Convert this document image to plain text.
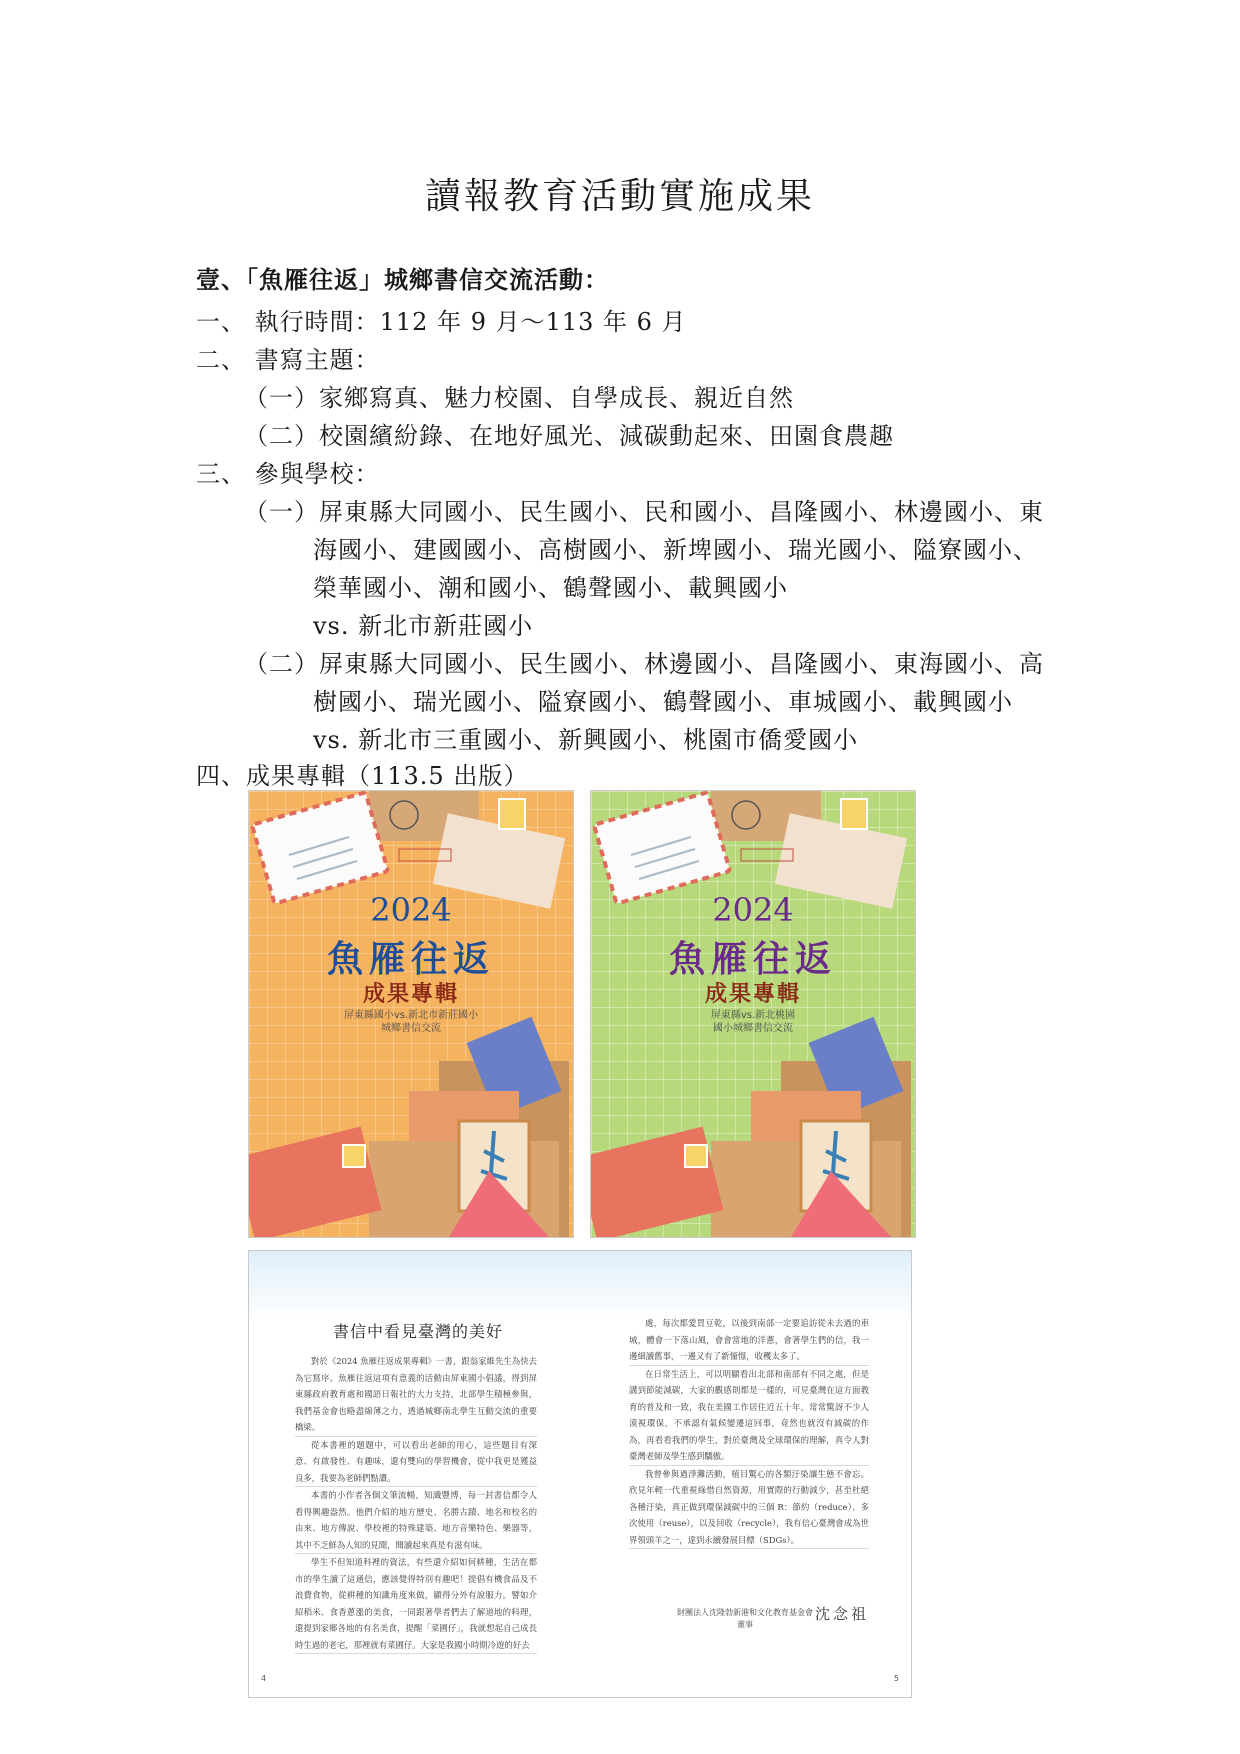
讀報教育活動實施成果
壹、「魚雁往返」城鄉書信交流活動：
一、 執行時間：112 年 9 月～113 年 6 月
二、 書寫主題：
（一）家鄉寫真、魅力校園、自學成長、親近自然
（二）校園繽紛錄、在地好風光、減碳動起來、田園食農趣
三、 參與學校：
（一）屏東縣大同國小、民生國小、民和國小、昌隆國小、林邊國小、東
海國小、建國國小、高樹國小、新埤國小、瑞光國小、隘寮國小、
榮華國小、潮和國小、鶴聲國小、載興國小
vs. 新北市新莊國小
（二）屏東縣大同國小、民生國小、林邊國小、昌隆國小、東海國小、高
樹國小、瑞光國小、隘寮國小、鶴聲國小、車城國小、載興國小
vs. 新北市三重國小、新興國小、桃園市僑愛國小
四、成果專輯（113.5 出版）
2024
魚雁往返
成果專輯
屏東縣國小vs.新北市新莊國小
城鄉書信交流
2024
魚雁往返
成果專輯
屏東縣vs.新北桃園
國小城鄉書信交流
書信中看見臺灣的美好

對於《2024 魚雁往返成果專輯》一書，跟翁家維先生為快去為它寫序。魚雁往返這項有意義的活動由屏東國小倡議，得到屏東縣政府教育處和國語日報社的大力支持，北部學生積極參與，我們基金會也略盡綿薄之力，透過城鄉南北學生互動交流的重要橋梁。

從本書裡的題題中，可以看出老師的用心，這些題目有深意、有啟發性、有趣味，還有雙向的學習機會，從中我更是獲益良多，我要為老師們點讚。

本書的小作者各個文筆流暢，知識豐博，每一封書信都令人看得興趣盎然。他們介紹的地方歷史、名勝古蹟、地名和校名的由來、地方傳說、學校裡的特殊建築、地方音樂特色、樂器等，其中不乏鮮為人知的見聞，閱讀起來真是有滋有味。

學生不但知道科裡的資法，有些還介紹如何耕種，生活在都市的學生讀了這通信，應該覺得特別有趣吧！提倡有機食品及不浪費食物，從耕種的知識角度來做，顯得分外有說服力。譬如介紹稻米、食香蔥漲的美食，一同跟著學者們去了解道地的料理，還提到家鄉各地的有名美食，提醒「菜圃仔」，我就想起自己成長時生過的老宅，那裡就有菜圃仔。大家是我國小時期冷遊的好去

處，每次都愛買豆乾，以後到南部一定要追訪從未去過的車城，體會一下落山風，會會當地的洋蔥，會著學生們的信，我一邊細讀舊事，一邊又有了新憧憬，收穫太多了。

在日常生活上，可以明顯看出北部和南部有不同之處，但是講到節能減碳，大家的觀感則都是一樣的，可見臺灣在這方面教育的普及和一致，我在美國工作居住近五十年，常常驚訝不少人漠視環保，不承認有氣候變遷這回事，竟然也就沒有減碳的作為，再看看我們的學生，對於臺灣及全球環保的理解，真令人對臺灣老師及學生感到驕傲。

我曾參與過淨灘活動，植目驚心的各類汙染讓生態不會忘。欣見年輕一代重視綠惜自然資源，用實際的行動減少，甚至杜絕各種汙染，真正做到環保減碳中的三個 R：節約（reduce）、多次使用（reuse），以及回收（recycle），我有信心臺灣會成為世界領頭羊之一，達到永續發展目標（SDGs）。

財團法人沈隆勃新港和文化教育基金會
董事
沈念祖
4	5
